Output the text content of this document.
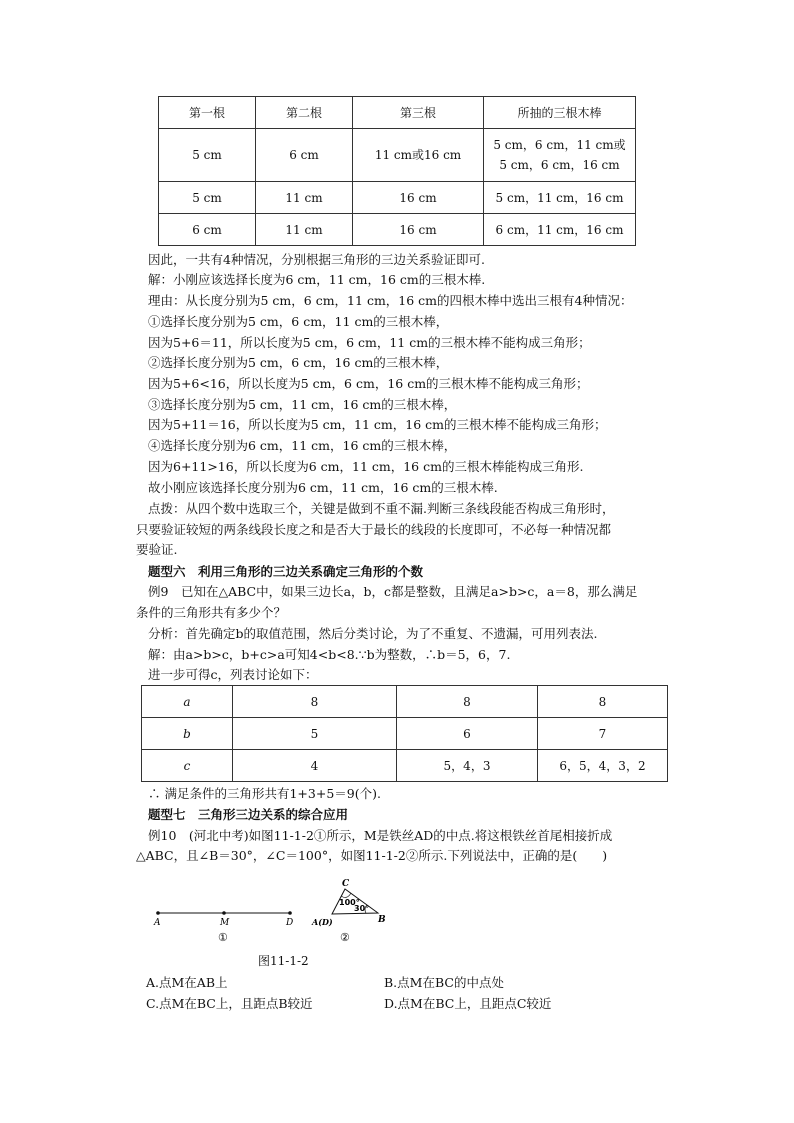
第一根	第二根	第三根	所抽的三根木棒
5 cm	6 cm	11 cm或16 cm	5 cm，6 cm，11 cm或
5 cm，6 cm，16 cm

5 cm	11 cm	16 cm	5 cm，11 cm，16 cm
6 cm	11 cm	16 cm	6 cm，11 cm，16 cm
因此，一共有4种情况，分别根据三角形的三边关系验证即可.
解：小刚应该选择长度为6 cm，11 cm，16 cm的三根木棒.
理由：从长度分别为5 cm，6 cm，11 cm，16 cm的四根木棒中选出三根有4种情况：
①选择长度分别为5 cm，6 cm，11 cm的三根木棒，
因为5+6＝11，所以长度为5 cm，6 cm，11 cm的三根木棒不能构成三角形；
②选择长度分别为5 cm，6 cm，16 cm的三根木棒，
因为5+6<16，所以长度为5 cm，6 cm，16 cm的三根木棒不能构成三角形；
③选择长度分别为5 cm，11 cm，16 cm的三根木棒，
因为5+11＝16，所以长度为5 cm，11 cm，16 cm的三根木棒不能构成三角形；
④选择长度分别为6 cm，11 cm，16 cm的三根木棒，
因为6+11>16，所以长度为6 cm，11 cm，16 cm的三根木棒能构成三角形.
故小刚应该选择长度分别为6 cm，11 cm，16 cm的三根木棒.
点拨：从四个数中选取三个，关键是做到不重不漏.判断三条线段能否构成三角形时，
只要验证较短的两条线段长度之和是否大于最长的线段的长度即可，不必每一种情况都
要验证.
题型六　利用三角形的三边关系确定三角形的个数
例9　已知在△ABC中，如果三边长a，b，c都是整数，且满足a>b>c，a＝8，那么满足
条件的三角形共有多少个？
分析：首先确定b的取值范围，然后分类讨论，为了不重复、不遗漏，可用列表法.
解：由a>b>c，b+c>a可知4<b<8.∵b为整数，∴b＝5，6，7.
进一步可得c，列表讨论如下：
a	8	8	8
b	5	6	7
c	4	5，4，3	6，5，4，3，2
∴ 满足条件的三角形共有1+3+5＝9(个).
题型七　三角形三边关系的综合应用
例10　(河北中考)如图11-1-2①所示，M是铁丝AD的中点.将这根铁丝首尾相接折成
△ABC，且∠B＝30°，∠C＝100°，如图11-1-2②所示.下列说法中，正确的是(　　)
A	M	D
①
C
A(D)	B
100°
30°
②
图11-1-2
A.点M在AB上	B.点M在BC的中点处
C.点M在BC上，且距点B较近	D.点M在BC上，且距点C较近
